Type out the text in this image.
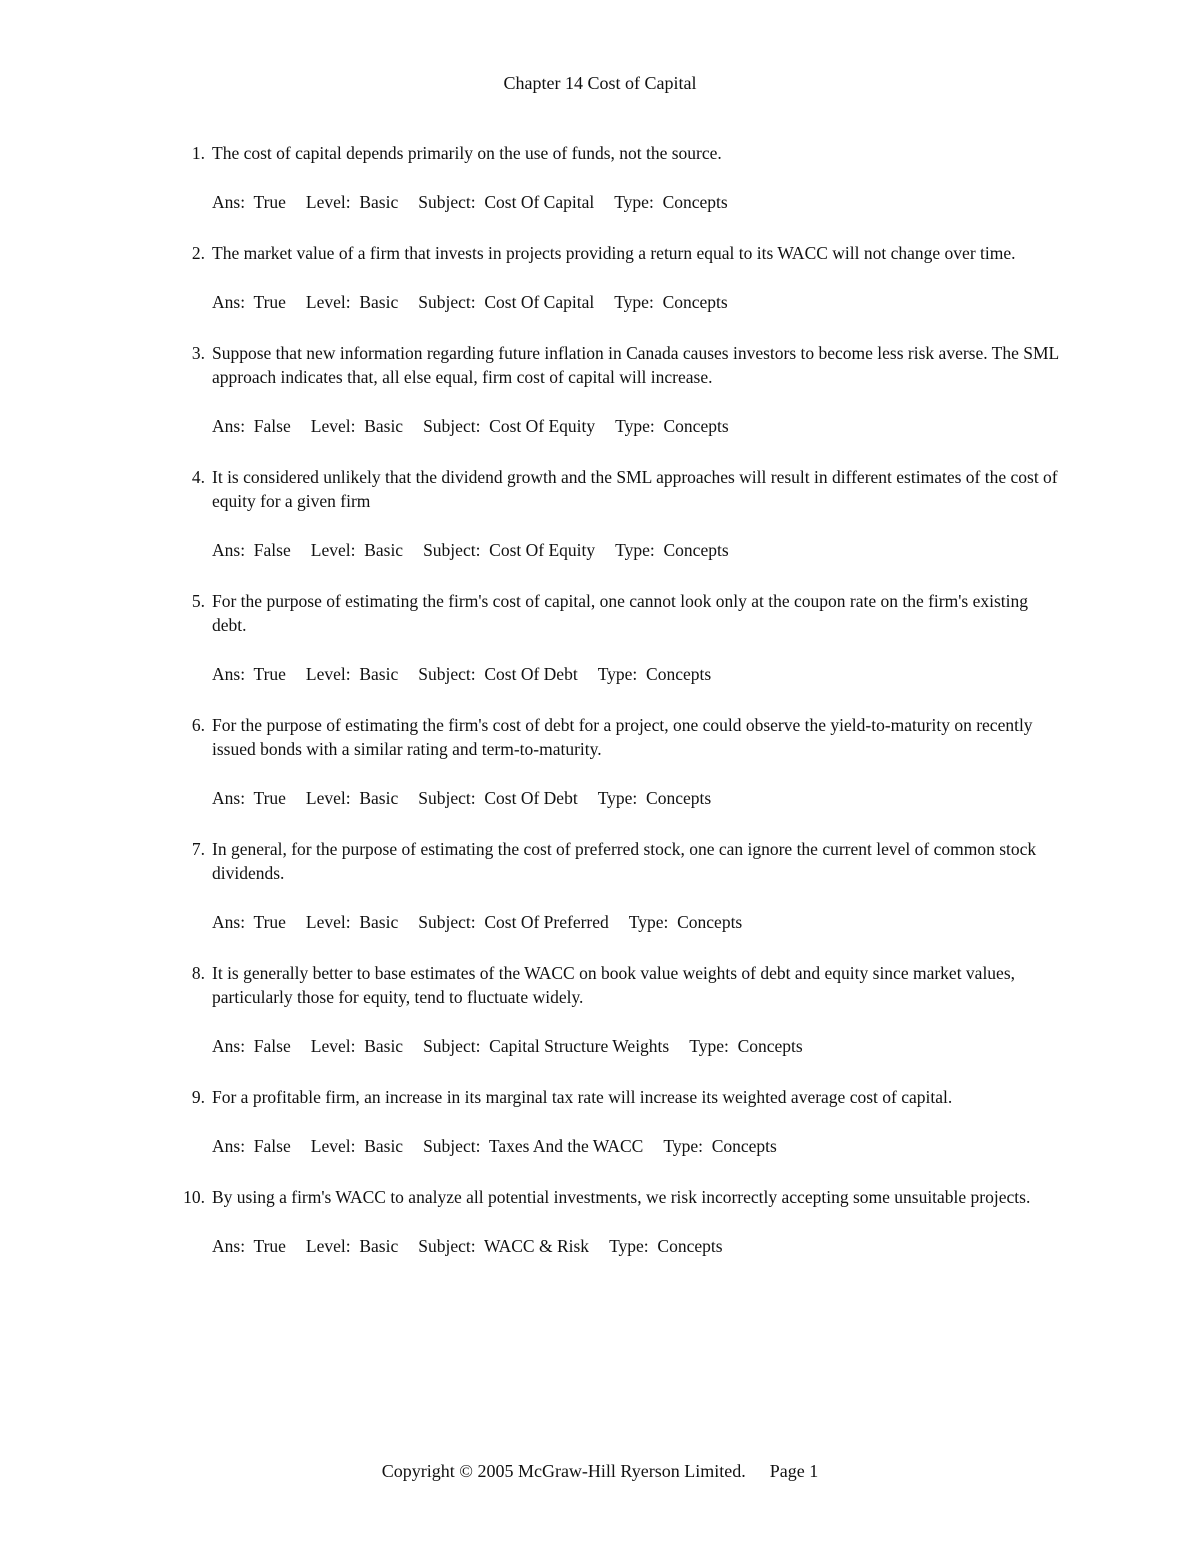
Chapter 14 Cost of Capital
1. The cost of capital depends primarily on the use of funds, not the source.
Ans:  True Level:  Basic Subject:  Cost Of Capital Type:  Concepts
2. The market value of a firm that invests in projects providing a return equal to its WACC will not change over time.
Ans:  True Level:  Basic Subject:  Cost Of Capital Type:  Concepts
3. Suppose that new information regarding future inflation in Canada causes investors to become less risk averse. The SML approach indicates that, all else equal, firm cost of capital will increase.
Ans:  False Level:  Basic Subject:  Cost Of Equity Type:  Concepts
4. It is considered unlikely that the dividend growth and the SML approaches will result in different estimates of the cost of equity for a given firm
Ans:  False Level:  Basic Subject:  Cost Of Equity Type:  Concepts
5. For the purpose of estimating the firm's cost of capital, one cannot look only at the coupon rate on the firm's existing debt.
Ans:  True Level:  Basic Subject:  Cost Of Debt Type:  Concepts
6. For the purpose of estimating the firm's cost of debt for a project, one could observe the yield-to-maturity on recently issued bonds with a similar rating and term-to-maturity.
Ans:  True Level:  Basic Subject:  Cost Of Debt Type:  Concepts
7. In general, for the purpose of estimating the cost of preferred stock, one can ignore the current level of common stock dividends.
Ans:  True Level:  Basic Subject:  Cost Of Preferred Type:  Concepts
8. It is generally better to base estimates of the WACC on book value weights of debt and equity since market values, particularly those for equity, tend to fluctuate widely.
Ans:  False Level:  Basic Subject:  Capital Structure Weights Type:  Concepts
9. For a profitable firm, an increase in its marginal tax rate will increase its weighted average cost of capital.
Ans:  False Level:  Basic Subject:  Taxes And the WACC Type:  Concepts
10. By using a firm's WACC to analyze all potential investments, we risk incorrectly accepting some unsuitable projects.
Ans:  True Level:  Basic Subject:  WACC & Risk Type:  Concepts
Copyright © 2005 McGraw-Hill Ryerson Limited. Page 1
